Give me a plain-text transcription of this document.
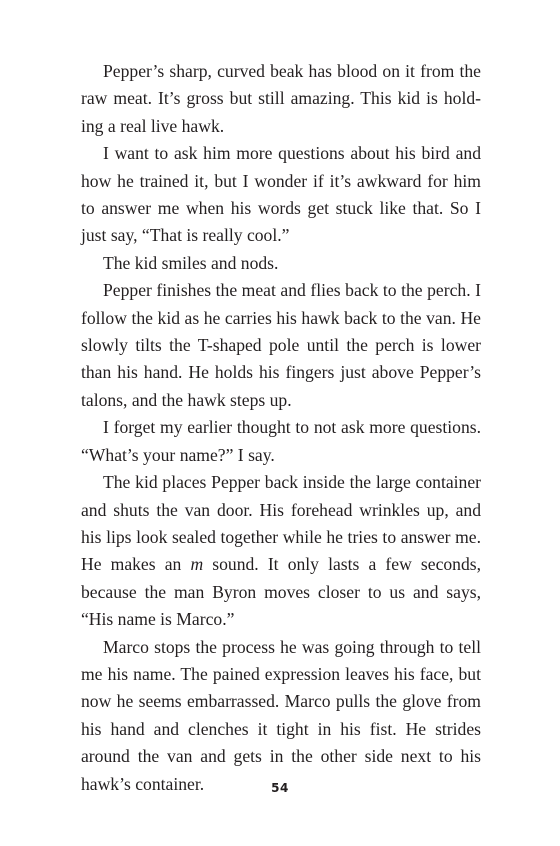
Pepper’s sharp, curved beak has blood on it from the raw meat. It’s gross but still amazing. This kid is holding a real live hawk.

I want to ask him more questions about his bird and how he trained it, but I wonder if it’s awkward for him to answer me when his words get stuck like that. So I just say, “That is really cool.”

The kid smiles and nods.

Pepper finishes the meat and flies back to the perch. I follow the kid as he carries his hawk back to the van. He slowly tilts the T-shaped pole until the perch is lower than his hand. He holds his fingers just above Pepper’s talons, and the hawk steps up.

I forget my earlier thought to not ask more questions. “What’s your name?” I say.

The kid places Pepper back inside the large container and shuts the van door. His forehead wrinkles up, and his lips look sealed together while he tries to answer me. He makes an m sound. It only lasts a few seconds, because the man Byron moves closer to us and says, “His name is Marco.”

Marco stops the process he was going through to tell me his name. The pained expression leaves his face, but now he seems embarrassed. Marco pulls the glove from his hand and clenches it tight in his fist. He strides around the van and gets in the other side next to his hawk’s container.	54
